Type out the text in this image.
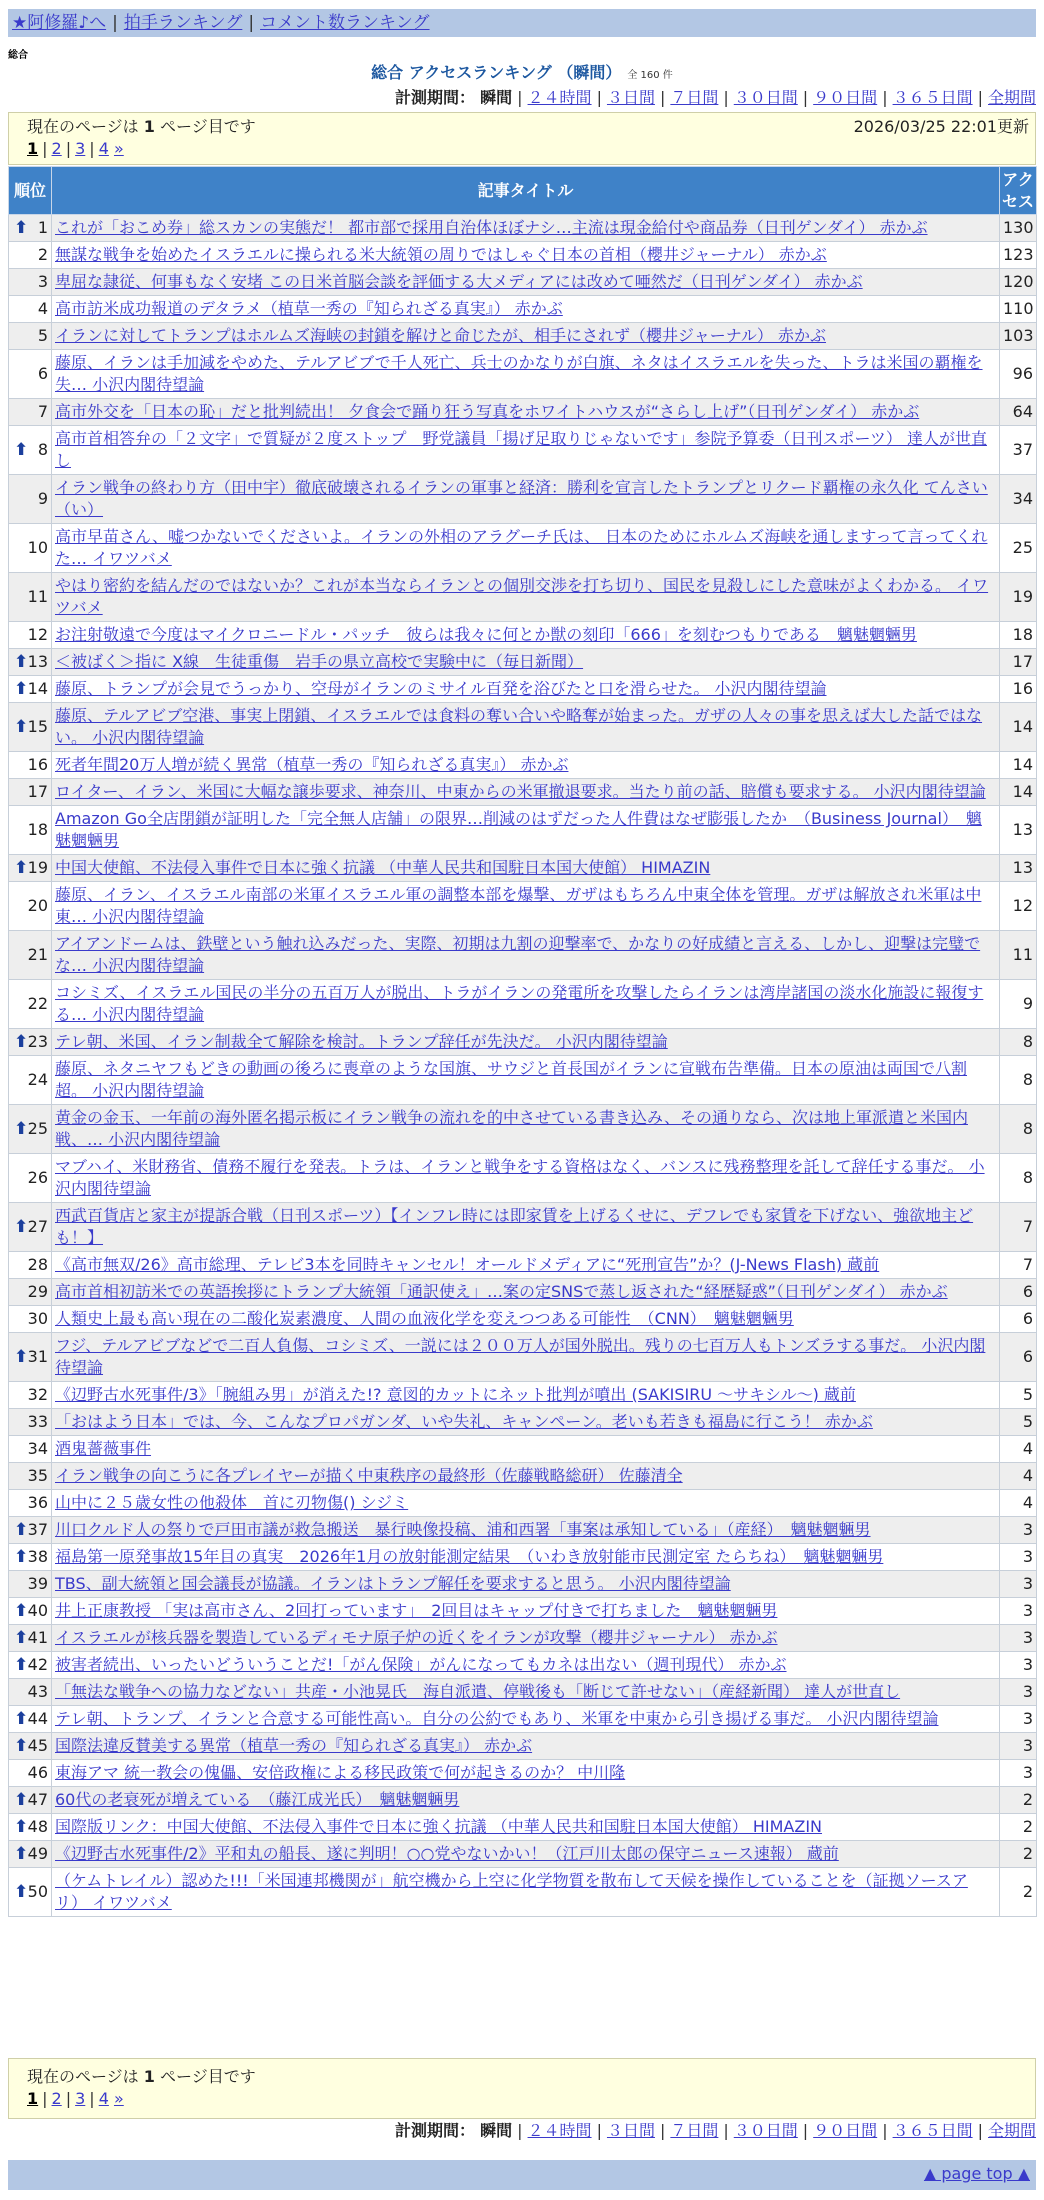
★阿修羅♪へ | 拍手ランキング | コメント数ランキング
総合
総合 アクセスランキング （瞬間） 全 160 件
計測期間： 瞬間 | ２４時間 | ３日間 | ７日間 | ３０日間 | ９０日間 | ３６５日間 | 全期間
現在のページは 1 ページ目です	2026/03/25 22:01更新
1 | 2 | 3 | 4 »
順位	記事タイトル	アクセス

⬆ 1	これが「おこめ券」総スカンの実態だ！ 都市部で採用自治体ほぼナシ…主流は現金給付や商品券（日刊ゲンダイ） 赤かぶ	130
2	無謀な戦争を始めたイスラエルに操られる米大統領の周りではしゃぐ日本の首相（櫻井ジャーナル） 赤かぶ	123
3	卑屈な隷従、何事もなく安堵 この日米首脳会談を評価する大メディアには改めて唖然だ（日刊ゲンダイ） 赤かぶ	120
4	高市訪米成功報道のデタラメ（植草一秀の『知られざる真実』） 赤かぶ	110
5	イランに対してトランプはホルムズ海峡の封鎖を解けと命じたが、相手にされず（櫻井ジャーナル） 赤かぶ	103
6	藤原、イランは手加減をやめた、テルアビブで千人死亡、兵士のかなりが白旗、ネタはイスラエルを失った、トラは米国の覇権を失… 小沢内閣待望論	96
7	高市外交を「日本の恥」だと批判続出！ 夕食会で踊り狂う写真をホワイトハウスが“さらし上げ”（日刊ゲンダイ） 赤かぶ	64

⬆ 8	高市首相答弁の「２文字」で質疑が２度ストップ　野党議員「揚げ足取りじゃないです」参院予算委（日刊スポーツ） 達人が世直し	37
9	イラン戦争の終わり方（田中宇）徹底破壊されるイランの軍事と経済：勝利を宣言したトランプとリクード覇権の永久化 てんさい（い）	34
10	高市早苗さん、嘘つかないでくださいよ。イランの外相のアラグーチ氏は、 日本のためにホルムズ海峡を通しますって言ってくれた… イワツバメ	25
11	やはり密約を結んだのではないか？これが本当ならイランとの個別交渉を打ち切り、国民を見殺しにした意味がよくわかる。 イワツバメ	19
12	お注射敬遠で今度はマイクロニードル・パッチ　彼らは我々に何とか獣の刻印「666」を刻むつもりである　魑魅魍魎男	18

⬆ 13	＜被ばく＞指に X線　生徒重傷　岩手の県立高校で実験中に（毎日新聞）	17

⬆ 14	藤原、トランプが会見でうっかり、空母がイランのミサイル百発を浴びたと口を滑らせた。 小沢内閣待望論	16

⬆ 15	藤原、テルアビブ空港、事実上閉鎖、イスラエルでは食料の奪い合いや略奪が始まった。ガザの人々の事を思えば大した話ではない。 小沢内閣待望論	14
16	死者年間20万人増が続く異常（植草一秀の『知られざる真実』） 赤かぶ	14
17	ロイター、イラン、米国に大幅な譲歩要求、神奈川、中東からの米軍撤退要求。当たり前の話、賠償も要求する。 小沢内閣待望論	14
18	Amazon Go全店閉鎖が証明した「完全無人店舗」の限界…削減のはずだった人件費はなぜ膨張したか　（Business Journal）　魑魅魍魎男	13

⬆ 19	中国大使館、不法侵入事件で日本に強く抗議 （中華人民共和国駐日本国大使館） HIMAZIN	13
20	藤原、イラン、イスラエル南部の米軍イスラエル軍の調整本部を爆撃、ガザはもちろん中東全体を管理。ガザは解放され米軍は中東… 小沢内閣待望論	12
21	アイアンドームは、鉄壁という触れ込みだった、実際、初期は九割の迎撃率で、かなりの好成績と言える、しかし、迎撃は完璧でな… 小沢内閣待望論	11
22	コシミズ、イスラエル国民の半分の五百万人が脱出、トラがイランの発電所を攻撃したらイランは湾岸諸国の淡水化施設に報復する… 小沢内閣待望論	9

⬆ 23	テレ朝、米国、イラン制裁全て解除を検討。トランプ辞任が先決だ。 小沢内閣待望論	8
24	藤原、ネタニヤフもどきの動画の後ろに喪章のような国旗、サウジと首長国がイランに宣戦布告準備。日本の原油は両国で八割超。 小沢内閣待望論	8

⬆ 25	黄金の金玉、一年前の海外匿名掲示板にイラン戦争の流れを的中させている書き込み、その通りなら、次は地上軍派遣と米国内戦、… 小沢内閣待望論	8
26	マブハイ、米財務省、債務不履行を発表。トラは、イランと戦争をする資格はなく、バンスに残務整理を託して辞任する事だ。 小沢内閣待望論	8

⬆ 27	西武百貨店と家主が提訴合戦（日刊スポーツ）【インフレ時には即家賃を上げるくせに、デフレでも家賃を下げない、強欲地主ども！】	7
28	《高市無双/26》高市総理、テレビ3本を同時キャンセル！オールドメディアに“死刑宣告”か？(J-News Flash) 蔵前	7
29	高市首相初訪米での英語挨拶にトランプ大統領「通訳使え」…案の定SNSで蒸し返された“経歴疑惑”（日刊ゲンダイ） 赤かぶ	6
30	人類史上最も高い現在の二酸化炭素濃度、人間の血液化学を変えつつある可能性　（CNN）　魑魅魍魎男	6

⬆ 31	フジ、テルアビブなどで二百人負傷、コシミズ、一説には２００万人が国外脱出。残りの七百万人もトンズラする事だ。 小沢内閣待望論	6
32	《辺野古水死事件/3》「腕組み男」が消えた!? 意図的カットにネット批判が噴出 (SAKISIRU ～サキシル～) 蔵前	5
33	「おはよう日本」では、今、こんなプロパガンダ、いや失礼、キャンペーン。老いも若きも福島に行こう！ 赤かぶ	5
34	酒鬼薔薇事件	4
35	イラン戦争の向こうに各プレイヤーが描く中東秩序の最終形（佐藤戦略総研） 佐藤清全	4
36	山中に２５歳女性の他殺体　首に刃物傷() シジミ	4

⬆ 37	川口クルド人の祭りで戸田市議が救急搬送　暴行映像投稿、浦和西署「事案は承知している」（産経）　魑魅魍魎男	3

⬆ 38	福島第一原発事故15年目の真実　2026年1月の放射能測定結果　（いわき放射能市民測定室 たらちね）　魑魅魍魎男	3
39	TBS、副大統領と国会議長が協議。イランはトランプ解任を要求すると思う。 小沢内閣待望論	3

⬆ 40	井上正康教授 「実は高市さん、2回打っています」　2回目はキャップ付きで打ちました　魑魅魍魎男	3

⬆ 41	イスラエルが核兵器を製造しているディモナ原子炉の近くをイランが攻撃（櫻井ジャーナル） 赤かぶ	3

⬆ 42	被害者続出、いったいどういうことだ!「がん保険」がんになってもカネは出ない（週刊現代） 赤かぶ	3
43	「無法な戦争への協力などない」共産・小池晃氏　海自派遣、停戦後も「断じて許せない」（産経新聞） 達人が世直し	3

⬆ 44	テレ朝、トランプ、イランと合意する可能性高い。自分の公約でもあり、米軍を中東から引き揚げる事だ。 小沢内閣待望論	3

⬆ 45	国際法違反賛美する異常（植草一秀の『知られざる真実』） 赤かぶ	3
46	東海アマ 統一教会の傀儡、安倍政権による移民政策で何が起きるのか？ 中川隆	3

⬆ 47	60代の老衰死が増えている　（藤江成光氏）　魑魅魍魎男	2

⬆ 48	国際版リンク：中国大使館、不法侵入事件で日本に強く抗議 （中華人民共和国駐日本国大使館） HIMAZIN	2

⬆ 49	《辺野古水死事件/2》平和丸の船長、遂に判明！○○党やないかい！（江戸川太郎の保守ニュース速報） 蔵前	2

⬆ 50	（ケムトレイル）認めた!!!「米国連邦機関が」航空機から上空に化学物質を散布して天候を操作していることを（証拠ソースアリ） イワツバメ	2
現在のページは 1 ページ目です
1 | 2 | 3 | 4 »
計測期間： 瞬間 | ２４時間 | ３日間 | ７日間 | ３０日間 | ９０日間 | ３６５日間 | 全期間
▲ page top ▲
